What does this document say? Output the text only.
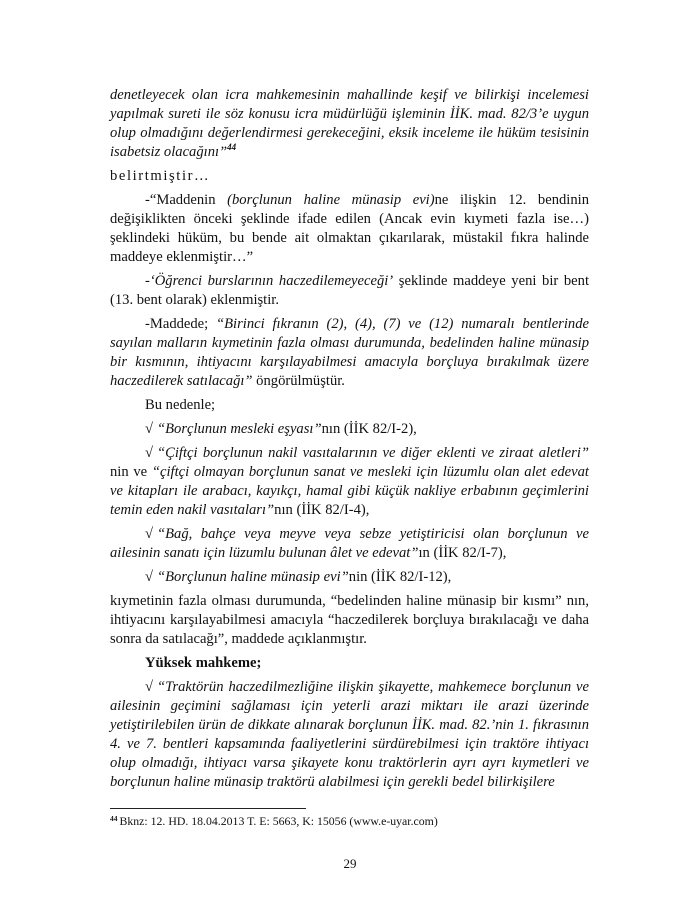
denetleyecek olan icra mahkemesinin mahallinde keşif ve bilirkişi incelemesi yapılmak sureti ile söz konusu icra müdürlüğü işleminin İİK. mad. 82/3’e uygun olup olmadığını değerlendirmesi gerekeceğini, eksik inceleme ile hüküm tesisinin isabetsiz olacağını”$^{44}$

belirtmiştir…

-“Maddenin (borçlunun haline münasip evi)ne ilişkin 12. bendinin değişiklikten önceki şeklinde ifade edilen (Ancak evin kıymeti fazla ise…) şeklindeki hüküm, bu bende ait olmaktan çıkarılarak, müstakil fıkra halinde maddeye eklenmiştir…”

-‘Öğrenci burslarının haczedilemeyeceği’ şeklinde maddeye yeni bir bent (13. bent olarak) eklenmiştir.

-Maddede; “Birinci fıkranın (2), (4), (7) ve (12) numaralı bentlerinde sayılan malların kıymetinin fazla olması durumunda, bedelinden haline münasip bir kısmının, ihtiyacını karşılayabilmesi amacıyla borçluya bırakılmak üzere haczedilerek satılacağı” öngörülmüştür.

Bu nedenle;

√ “Borçlunun mesleki eşyası”nın (İİK 82/I-2),

√ “Çiftçi borçlunun nakil vasıtalarının ve diğer eklenti ve ziraat aletleri” nin ve “çiftçi olmayan borçlunun sanat ve mesleki için lüzumlu olan alet edevat ve kitapları ile arabacı, kayıkçı, hamal gibi küçük nakliye erbabının geçimlerini temin eden nakil vasıtaları”nın (İİK 82/I-4),

√ “Bağ, bahçe veya meyve veya sebze yetiştiricisi olan borçlunun ve ailesinin sanatı için lüzumlu bulunan âlet ve edevat”ın (İİK 82/I-7),

√ “Borçlunun haline münasip evi”nin (İİK 82/I-12),

kıymetinin fazla olması durumunda, “bedelinden haline münasip bir kısmı” nın, ihtiyacını karşılayabilmesi amacıyla “haczedilerek borçluya bırakılacağı ve daha sonra da satılacağı”, maddede açıklanmıştır.

Yüksek mahkeme;

√ “Traktörün haczedilmezliğine ilişkin şikayette, mahkemece borçlunun ve ailesinin geçimini sağlaması için yeterli arazi miktarı ile arazi üzerinde yetiştirilebilen ürün de dikkate alınarak borçlunun İİK. mad. 82.’nin 1. fıkrasının 4. ve 7. bentleri kapsamında faaliyetlerini sürdürebilmesi için traktöre ihtiyacı olup olmadığı, ihtiyacı varsa şikayete konu traktörlerin ayrı ayrı kıymetleri ve borçlunun haline münasip traktörü alabilmesi için gerekli bedel bilirkişilere

$^{44}$ Bknz: 12. HD. 18.04.2013 T. E: 5663, K: 15056 (www.e-uyar.com)
29
